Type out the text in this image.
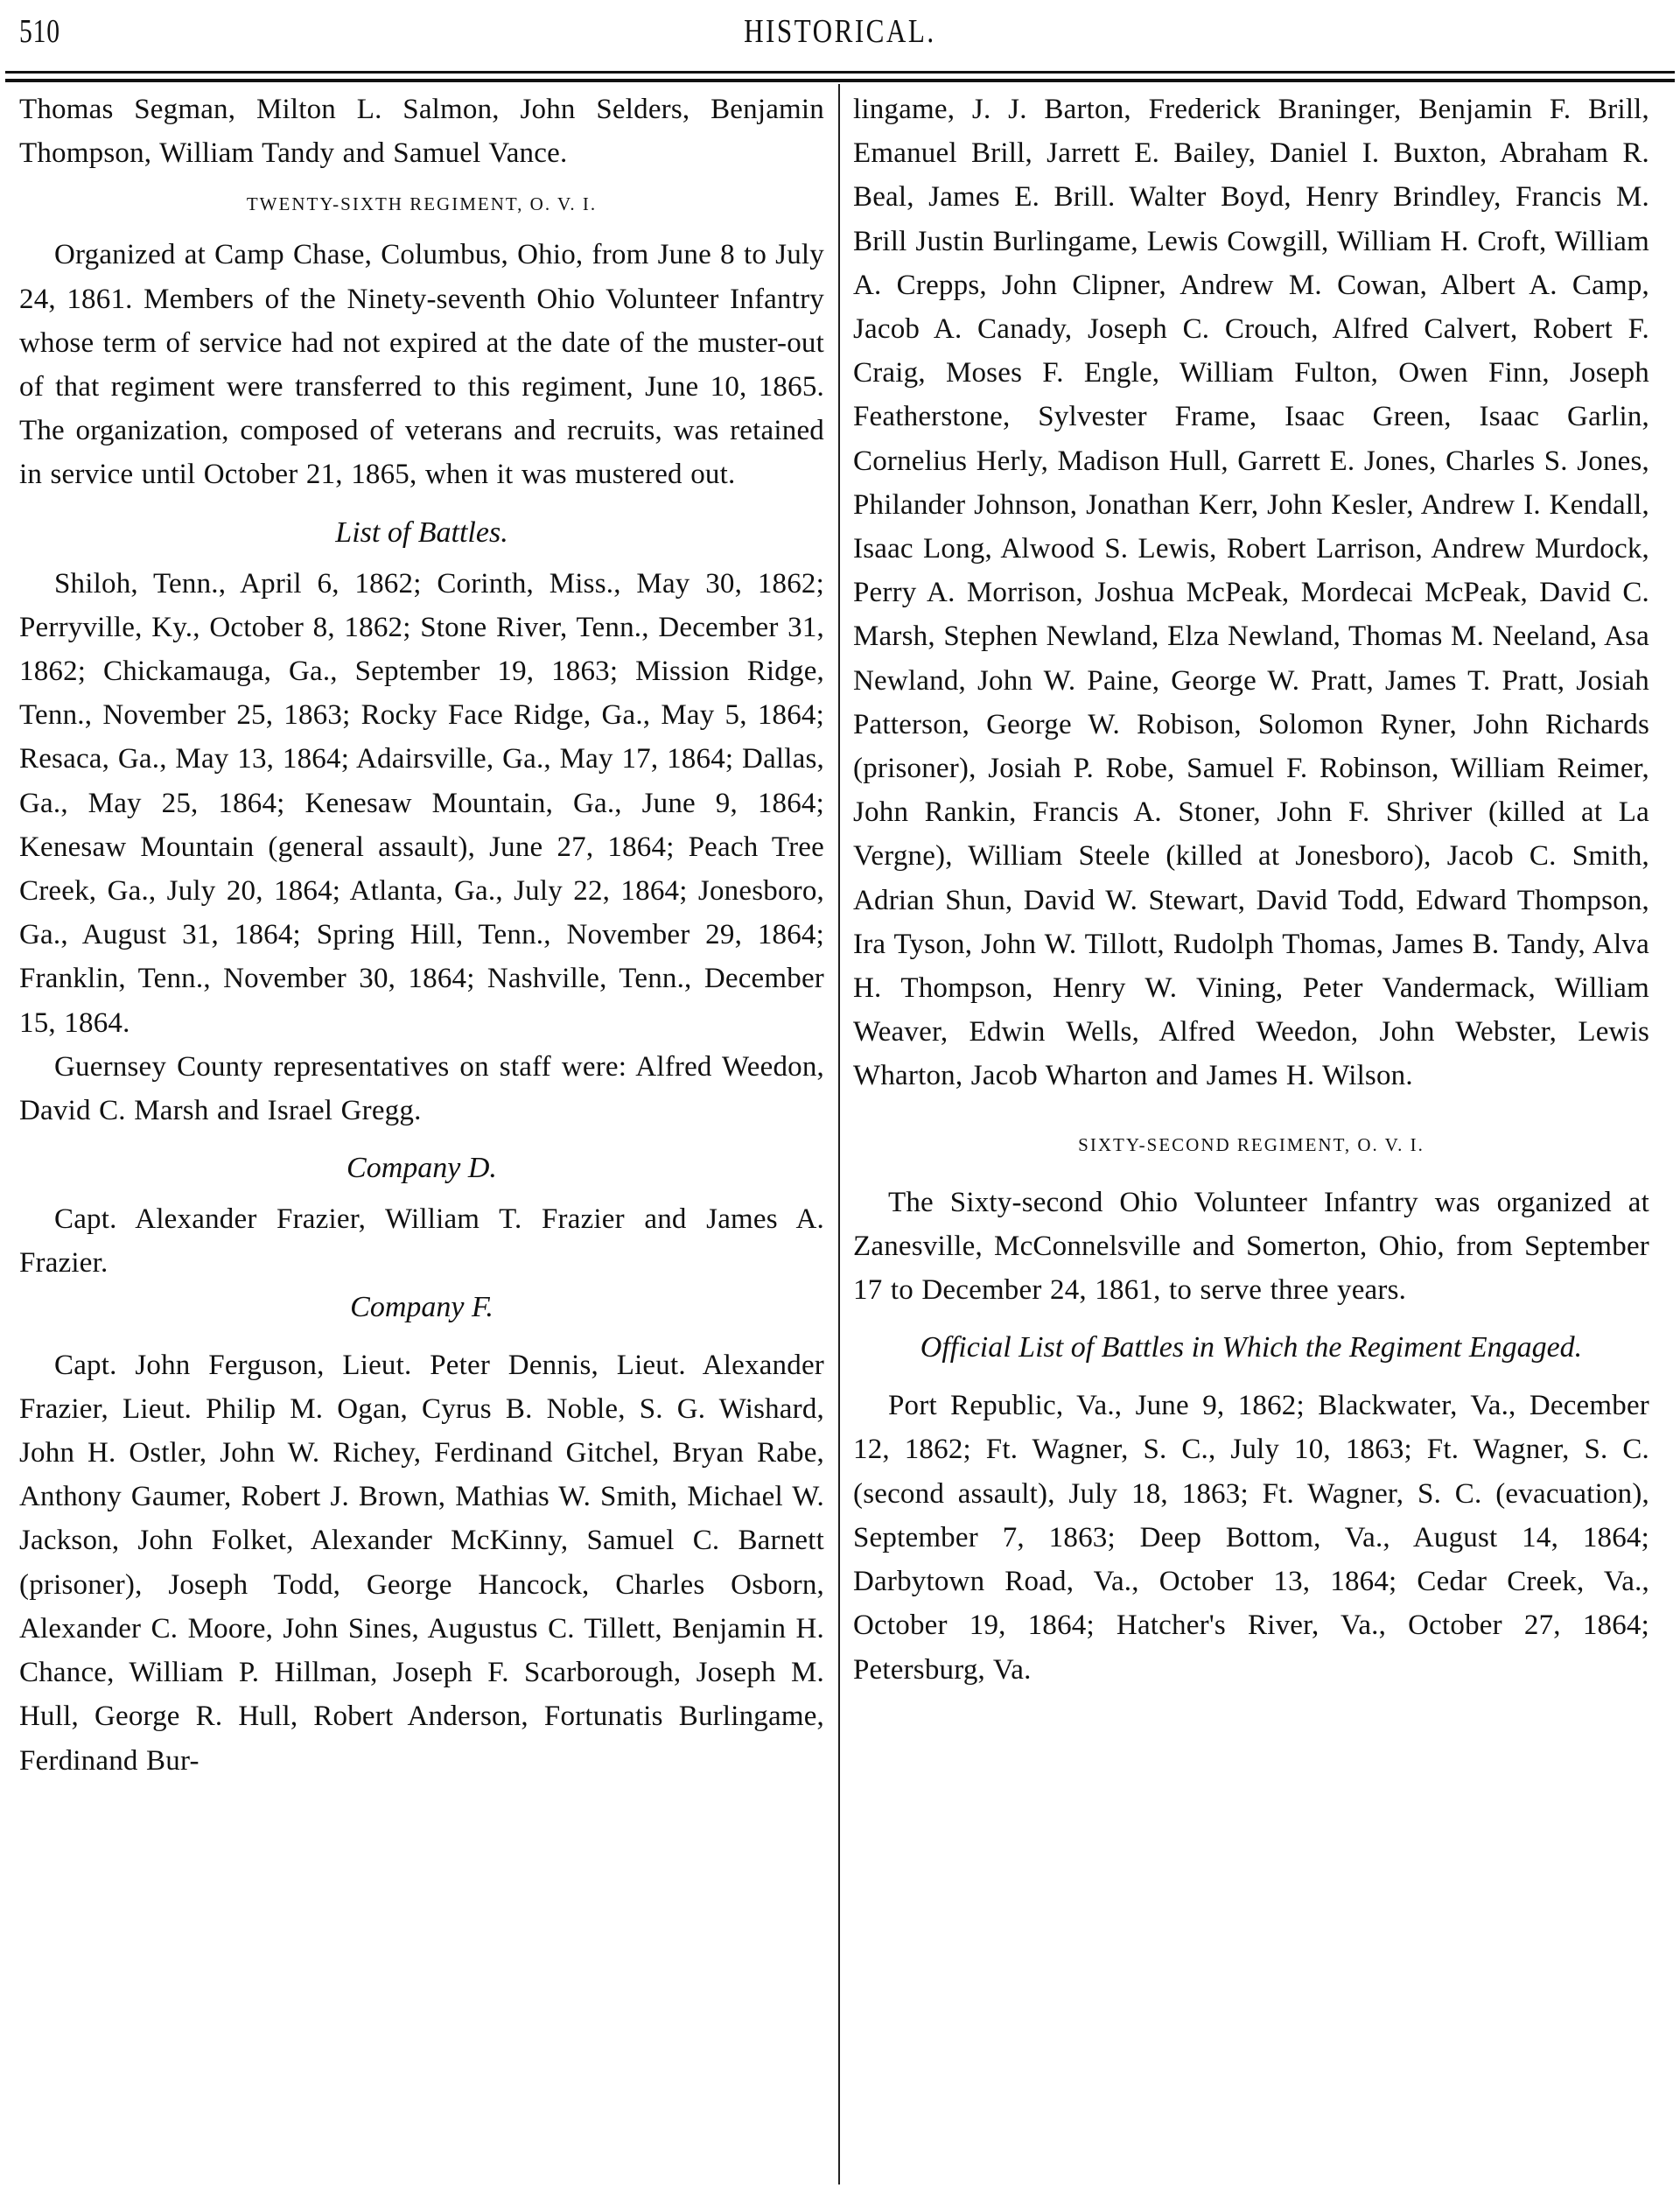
510	HISTORICAL.

Thomas Segman, Milton L. Salmon, John Selders, Benjamin Thompson, William Tandy and Samuel Vance.

TWENTY-SIXTH REGIMENT, O. V. I.

Organized at Camp Chase, Columbus, Ohio, from June 8 to July 24, 1861. Members of the Ninety-seventh Ohio Volunteer Infantry whose term of service had not expired at the date of the muster-out of that regiment were transferred to this regiment, June 10, 1865. The organization, composed of veterans and recruits, was retained in service until October 21, 1865, when it was mustered out.

List of Battles.

Shiloh, Tenn., April 6, 1862; Corinth, Miss., May 30, 1862; Perryville, Ky., October 8, 1862; Stone River, Tenn., December 31, 1862; Chickamauga, Ga., September 19, 1863; Mission Ridge, Tenn., November 25, 1863; Rocky Face Ridge, Ga., May 5, 1864; Resaca, Ga., May 13, 1864; Adairsville, Ga., May 17, 1864; Dallas, Ga., May 25, 1864; Kenesaw Mountain, Ga., June 9, 1864; Kenesaw Mountain (general assault), June 27, 1864; Peach Tree Creek, Ga., July 20, 1864; Atlanta, Ga., July 22, 1864; Jonesboro, Ga., August 31, 1864; Spring Hill, Tenn., November 29, 1864; Franklin, Tenn., November 30, 1864; Nashville, Tenn., December 15, 1864.

Guernsey County representatives on staff were: Alfred Weedon, David C. Marsh and Israel Gregg.

Company D.

Capt. Alexander Frazier, William T. Frazier and James A. Frazier.

Company F.

Capt. John Ferguson, Lieut. Peter Dennis, Lieut. Alexander Frazier, Lieut. Philip M. Ogan, Cyrus B. Noble, S. G. Wishard, John H. Ostler, John W. Richey, Ferdinand Gitchel, Bryan Rabe, Anthony Gaumer, Robert J. Brown, Mathias W. Smith, Michael W. Jackson, John Folket, Alexander McKinny, Samuel C. Barnett (prisoner), Joseph Todd, George Hancock, Charles Osborn, Alexander C. Moore, John Sines, Augustus C. Tillett, Benjamin H. Chance, William P. Hillman, Joseph F. Scarborough, Joseph M. Hull, George R. Hull, Robert Anderson, Fortunatis Burlingame, Ferdinand Bur-

lingame, J. J. Barton, Frederick Braninger, Benjamin F. Brill, Emanuel Brill, Jarrett E. Bailey, Daniel I. Buxton, Abraham R. Beal, James E. Brill. Walter Boyd, Henry Brindley, Francis M. Brill Justin Burlingame, Lewis Cowgill, William H. Croft, William A. Crepps, John Clipner, Andrew M. Cowan, Albert A. Camp, Jacob A. Canady, Joseph C. Crouch, Alfred Calvert, Robert F. Craig, Moses F. Engle, William Fulton, Owen Finn, Joseph Featherstone, Sylvester Frame, Isaac Green, Isaac Garlin, Cornelius Herly, Madison Hull, Garrett E. Jones, Charles S. Jones, Philander Johnson, Jonathan Kerr, John Kesler, Andrew I. Kendall, Isaac Long, Alwood S. Lewis, Robert Larrison, Andrew Murdock, Perry A. Morrison, Joshua McPeak, Mordecai McPeak, David C. Marsh, Stephen Newland, Elza Newland, Thomas M. Neeland, Asa Newland, John W. Paine, George W. Pratt, James T. Pratt, Josiah Patterson, George W. Robison, Solomon Ryner, John Richards (prisoner), Josiah P. Robe, Samuel F. Robinson, William Reimer, John Rankin, Francis A. Stoner, John F. Shriver (killed at La Vergne), William Steele (killed at Jonesboro), Jacob C. Smith, Adrian Shun, David W. Stewart, David Todd, Edward Thompson, Ira Tyson, John W. Tillott, Rudolph Thomas, James B. Tandy, Alva H. Thompson, Henry W. Vining, Peter Vandermack, William Weaver, Edwin Wells, Alfred Weedon, John Webster, Lewis Wharton, Jacob Wharton and James H. Wilson.

SIXTY-SECOND REGIMENT, O. V. I.

The Sixty-second Ohio Volunteer Infantry was organized at Zanesville, McConnelsville and Somerton, Ohio, from September 17 to December 24, 1861, to serve three years.

Official List of Battles in Which the Regiment Engaged.

Port Republic, Va., June 9, 1862; Blackwater, Va., December 12, 1862; Ft. Wagner, S. C., July 10, 1863; Ft. Wagner, S. C. (second assault), July 18, 1863; Ft. Wagner, S. C. (evacuation), September 7, 1863; Deep Bottom, Va., August 14, 1864; Darbytown Road, Va., October 13, 1864; Cedar Creek, Va., October 19, 1864; Hatcher's River, Va., October 27, 1864; Petersburg, Va.
